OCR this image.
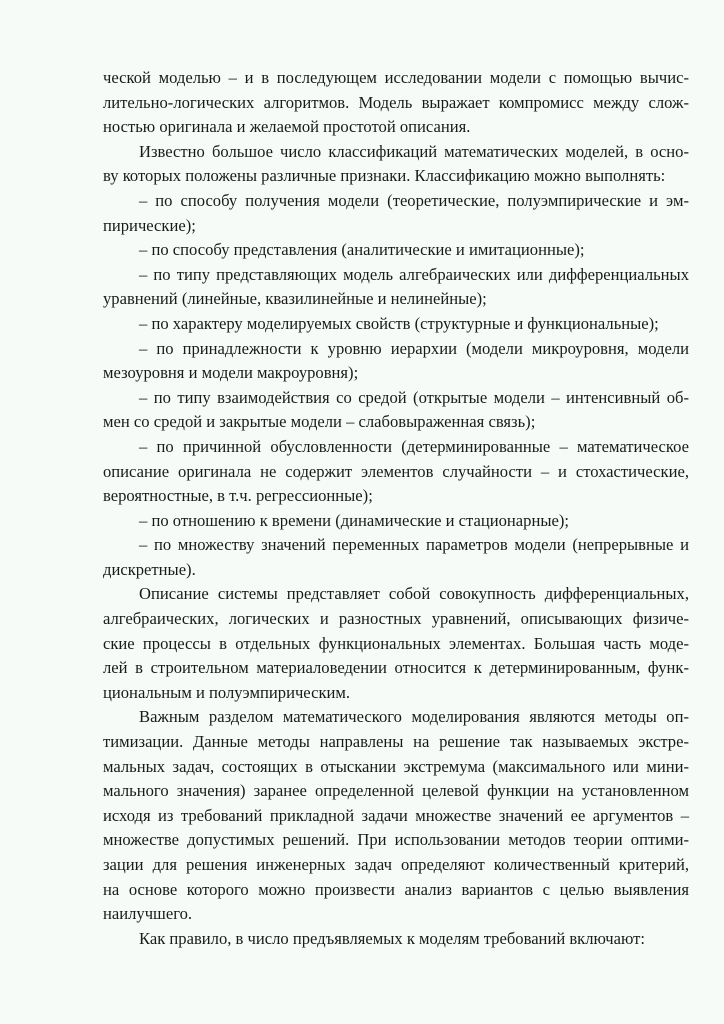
ческой моделью – и в последующем исследовании модели с помощью вычис-
лительно-логических алгоритмов. Модель выражает компромисс между слож-
ностью оригинала и желаемой простотой описания.
Известно большое число классификаций математических моделей, в осно-
ву которых положены различные признаки. Классификацию можно выполнять:
– по способу получения модели (теоретические, полуэмпирические и эм-
пирические);
– по способу представления (аналитические и имитационные);
– по типу представляющих модель алгебраических или дифференциальных
уравнений (линейные, квазилинейные и нелинейные);
– по характеру моделируемых свойств (структурные и функциональные);
– по принадлежности к уровню иерархии (модели микроуровня, модели
мезоуровня и модели макроуровня);
– по типу взаимодействия со средой (открытые модели – интенсивный об-
мен со средой и закрытые модели – слабовыраженная связь);
– по причинной обусловленности (детерминированные – математическое
описание оригинала не содержит элементов случайности – и стохастические,
вероятностные, в т.ч. регрессионные);
– по отношению к времени (динамические и стационарные);
– по множеству значений переменных параметров модели (непрерывные и
дискретные).
Описание системы представляет собой совокупность дифференциальных,
алгебраических, логических и разностных уравнений, описывающих физиче-
ские процессы в отдельных функциональных элементах. Большая часть моде-
лей в строительном материаловедении относится к детерминированным, функ-
циональным и полуэмпирическим.
Важным разделом математического моделирования являются методы оп-
тимизации. Данные методы направлены на решение так называемых экстре-
мальных задач, состоящих в отыскании экстремума (максимального или мини-
мального значения) заранее определенной целевой функции на установленном
исходя из требований прикладной задачи множестве значений ее аргументов –
множестве допустимых решений. При использовании методов теории оптими-
зации для решения инженерных задач определяют количественный критерий,
на основе которого можно произвести анализ вариантов с целью выявления
наилучшего.
Как правило, в число предъявляемых к моделям требований включают:
